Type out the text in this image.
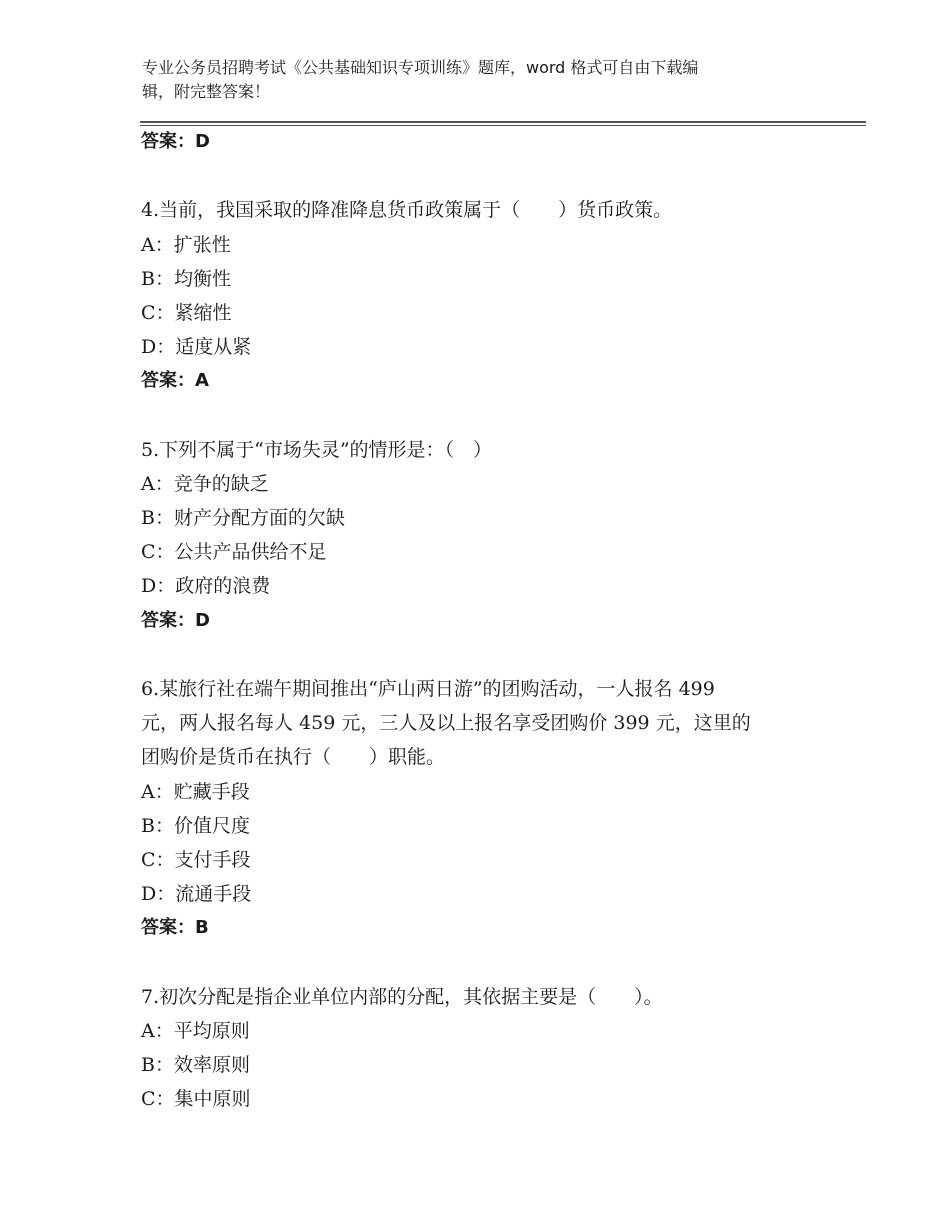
专业公务员招聘考试《公共基础知识专项训练》题库，word 格式可自由下载编
辑，附完整答案！
答案：D
4.当前，我国采取的降准降息货币政策属于（　　）货币政策。
A：扩张性
B：均衡性
C：紧缩性
D：适度从紧
答案：A
5.下列不属于“市场失灵”的情形是：（　）
A：竞争的缺乏
B：财产分配方面的欠缺
C：公共产品供给不足
D：政府的浪费
答案：D
6.某旅行社在端午期间推出“庐山两日游”的团购活动，一人报名 499
元，两人报名每人 459 元，三人及以上报名享受团购价 399 元，这里的
团购价是货币在执行（　　）职能。
A：贮藏手段
B：价值尺度
C：支付手段
D：流通手段
答案：B
7.初次分配是指企业单位内部的分配，其依据主要是（　　）。
A：平均原则
B：效率原则
C：集中原则
